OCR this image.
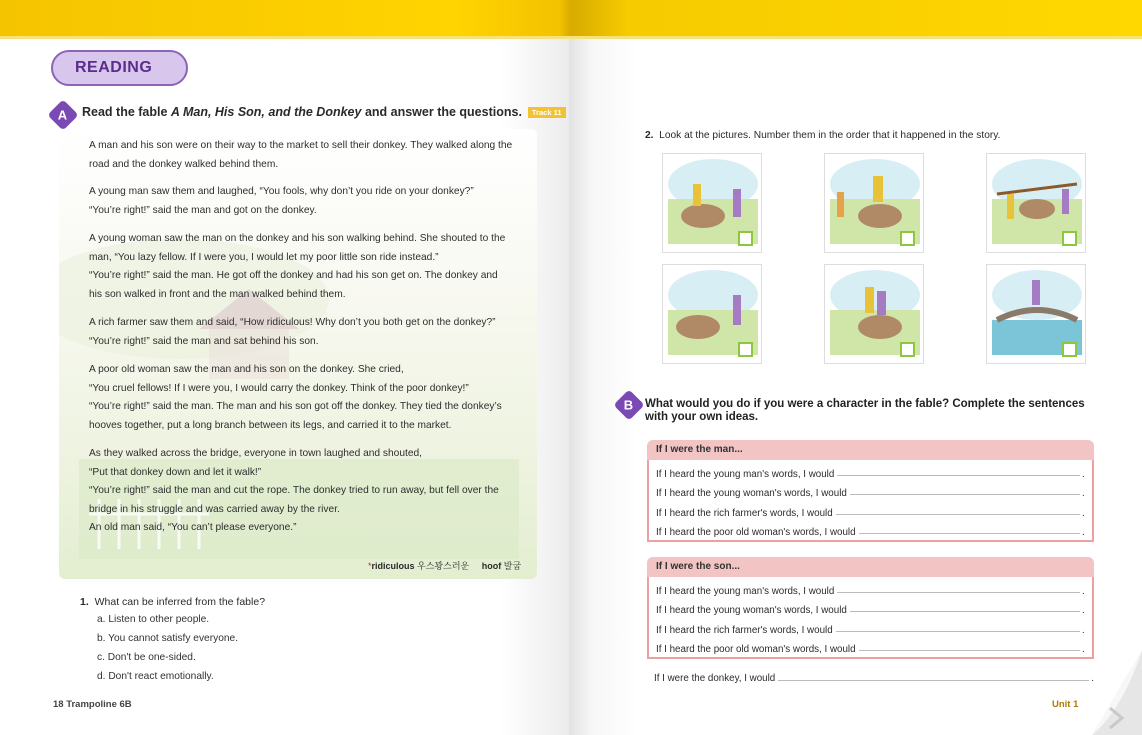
READING
A Read the fable A Man, His Son, and the Donkey and answer the questions. Track 11
A man and his son were on their way to the market to sell their donkey. They walked along the
road and the donkey walked behind them.
A young man saw them and laughed, “You fools, why don’t you ride on your donkey?”
“You’re right!” said the man and got on the donkey.
A young woman saw the man on the donkey and his son walking behind. She shouted to the
man, “You lazy fellow. If I were you, I would let my poor little son ride instead.”
“You’re right!” said the man. He got off the donkey and had his son get on. The donkey and
his son walked in front and the man walked behind them.
A rich farmer saw them and said, “How ridiculous! Why don’t you both get on the donkey?”
“You’re right!” said the man and sat behind his son.
A poor old woman saw the man and his son on the donkey. She cried,
“You cruel fellows! If I were you, I would carry the donkey. Think of the poor donkey!”
“You’re right!” said the man. The man and his son got off the donkey. They tied the donkey’s
hooves together, put a long branch between its legs, and carried it to the market.
As they walked across the bridge, everyone in town laughed and shouted,
“Put that donkey down and let it walk!”
“You’re right!” said the man and cut the rope. The donkey tried to run away, but fell over the
bridge in his struggle and was carried away by the river.
An old man said, “You can’t please everyone.”
*ridiculous 우스꽝스러운 hoof 발굽
1. What can be inferred from the fable?
a. Listen to other people.
b. You cannot satisfy everyone.
c. Don't be one-sided.
d. Don't react emotionally.
18 Trampoline 6B
2. Look at the pictures. Number them in the order that it happened in the story.
B What would you do if you were a character in the fable? Complete the sentences with your own ideas.
If I were the man...
If I heard the young man's words, I would	.
If I heard the young woman's words, I would	.
If I heard the rich farmer's words, I would	.
If I heard the poor old woman's words, I would	.
If I were the son...
If I heard the young man's words, I would	.
If I heard the young woman's words, I would	.
If I heard the rich farmer's words, I would	.
If I heard the poor old woman's words, I would	.
If I were the donkey, I would	.
Unit 1
